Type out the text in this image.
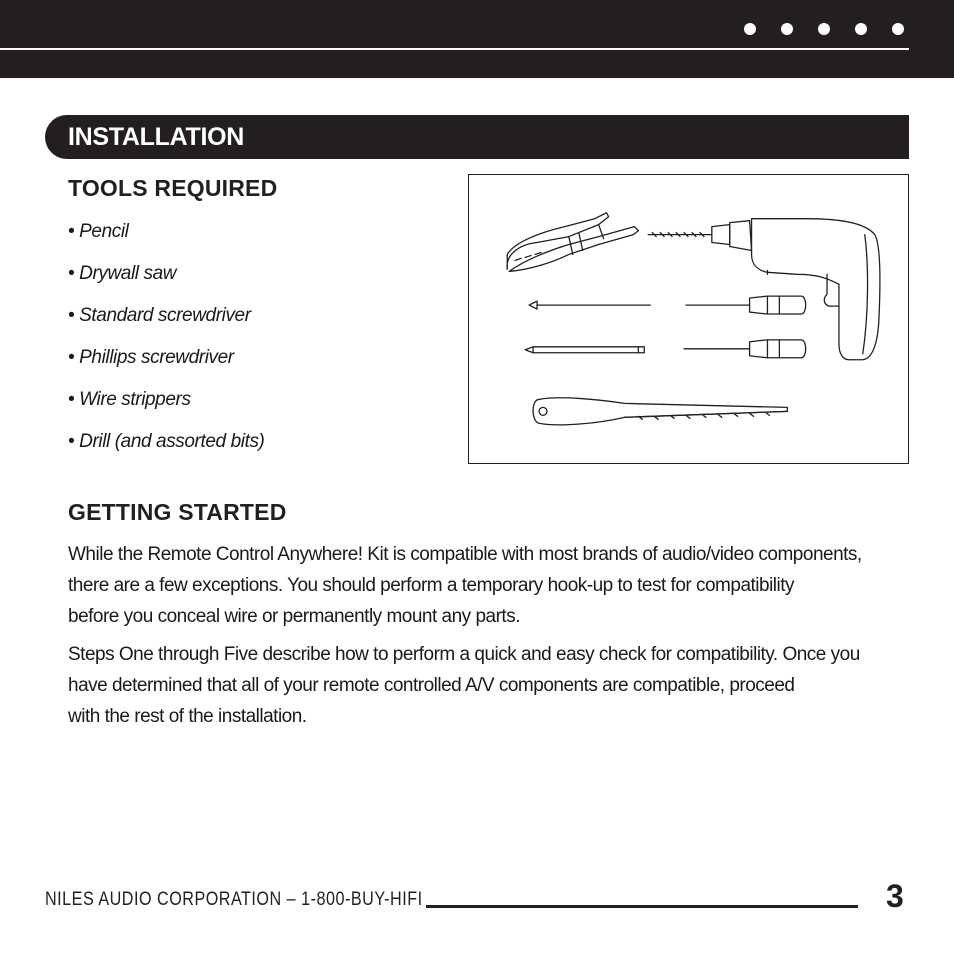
INSTALLATION
TOOLS REQUIRED
• Pencil
• Drywall saw
• Standard screwdriver
• Phillips screwdriver
• Wire strippers
• Drill (and assorted bits)
GETTING STARTED
While the Remote Control Anywhere! Kit is compatible with most brands of audio/video components,
there are a few exceptions. You should perform a temporary hook-up to test for compatibility
before you conceal wire or permanently mount any parts.
Steps One through Five describe how to perform a quick and easy check for compatibility. Once you
have determined that all of your remote controlled A/V components are compatible, proceed
with the rest of the installation.
NILES AUDIO CORPORATION – 1-800-BUY-HIFI	3
